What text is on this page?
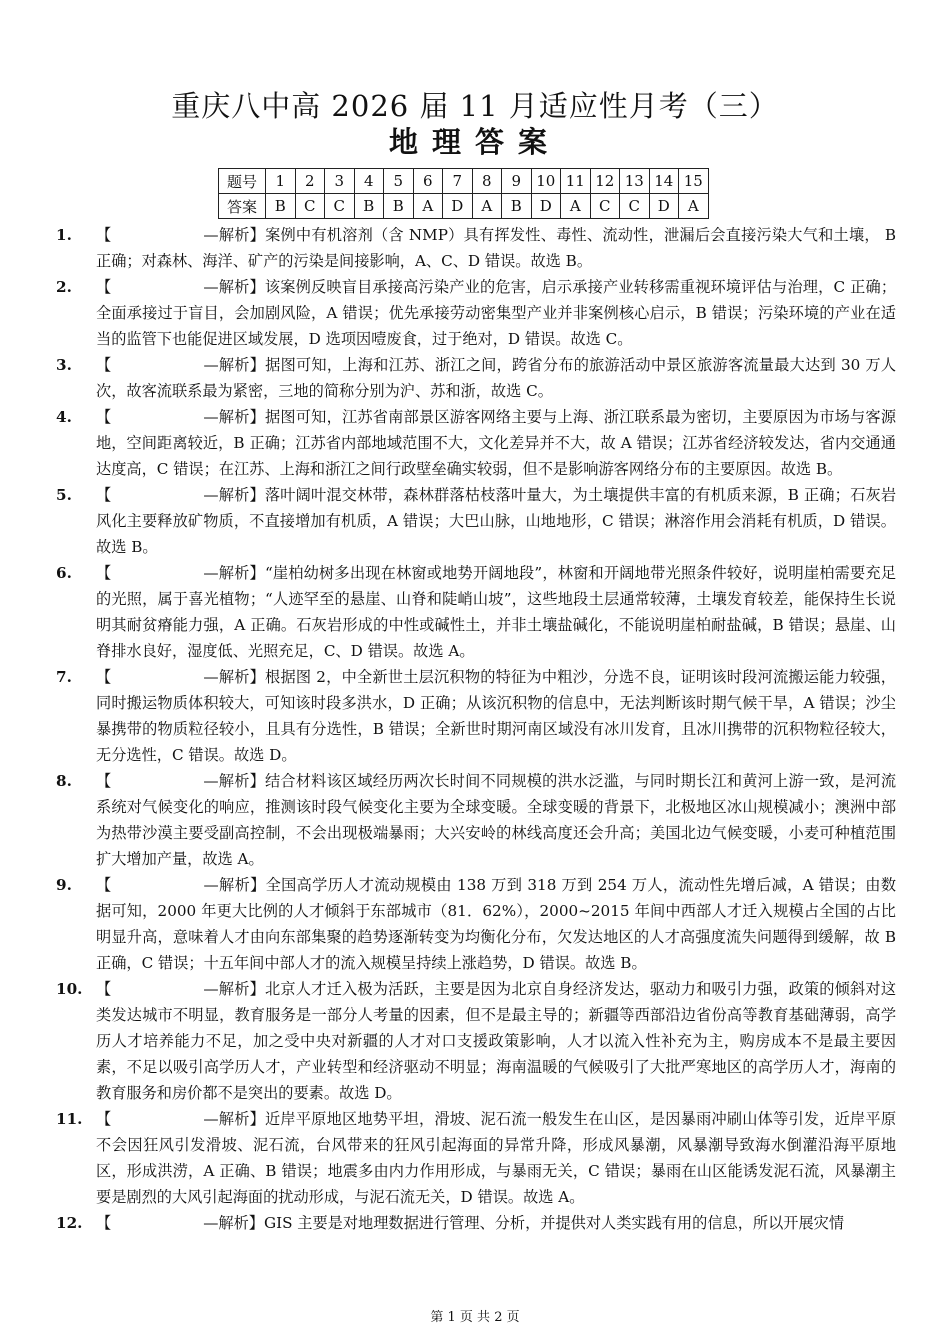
重庆八中高 2026 届 11 月适应性月考（三）
地理答案
题号	1	2	3	4	5	6	7	8	9	10	11	12	13	14	15
答案	B	C	C	B	B	A	D	A	B	D	A	C	C	D	A
1. 【	—解析】案例中有机溶剂（含 NMP）具有挥发性、毒性、流动性，泄漏后会直接污染大气和土壤， B 正确；对森林、海洋、矿产的污染是间接影响，A、C、D 错误。故选 B。
2. 【	—解析】该案例反映盲目承接高污染产业的危害，启示承接产业转移需重视环境评估与治理，C 正确；全面承接过于盲目，会加剧风险，A 错误；优先承接劳动密集型产业并非案例核心启示，B 错误；污染环境的产业在适当的监管下也能促进区域发展，D 选项因噎废食，过于绝对，D 错误。故选 C。
3. 【	—解析】据图可知，上海和江苏、浙江之间，跨省分布的旅游活动中景区旅游客流量最大达到 30 万人次，故客流联系最为紧密，三地的简称分别为沪、苏和浙，故选 C。
4. 【	—解析】据图可知，江苏省南部景区游客网络主要与上海、浙江联系最为密切，主要原因为市场与客源地，空间距离较近，B 正确；江苏省内部地域范围不大，文化差异并不大，故 A 错误；江苏省经济较发达，省内交通通达度高，C 错误；在江苏、上海和浙江之间行政壁垒确实较弱，但不是影响游客网络分布的主要原因。故选 B。
5. 【	—解析】落叶阔叶混交林带，森林群落枯枝落叶量大，为土壤提供丰富的有机质来源，B 正确；石灰岩风化主要释放矿物质，不直接增加有机质，A 错误；大巴山脉，山地地形，C 错误；淋溶作用会消耗有机质，D 错误。故选 B。
6. 【	—解析】“崖柏幼树多出现在林窗或地势开阔地段”，林窗和开阔地带光照条件较好，说明崖柏需要充足的光照，属于喜光植物；“人迹罕至的悬崖、山脊和陡峭山坡”，这些地段土层通常较薄，土壤发育较差，能保持生长说明其耐贫瘠能力强，A 正确。石灰岩形成的中性或碱性土，并非土壤盐碱化，不能说明崖柏耐盐碱，B 错误；悬崖、山脊排水良好，湿度低、光照充足，C、D 错误。故选 A。
7. 【	—解析】根据图 2，中全新世土层沉积物的特征为中粗沙，分选不良，证明该时段河流搬运能力较强，同时搬运物质体积较大，可知该时段多洪水，D 正确；从该沉积物的信息中，无法判断该时期气候干旱，A 错误；沙尘暴携带的物质粒径较小，且具有分选性，B 错误；全新世时期河南区域没有冰川发育，且冰川携带的沉积物粒径较大，无分选性，C 错误。故选 D。
8. 【	—解析】结合材料该区域经历两次长时间不同规模的洪水泛滥，与同时期长江和黄河上游一致，是河流系统对气候变化的响应，推测该时段气候变化主要为全球变暖。全球变暖的背景下，北极地区冰山规模减小；澳洲中部为热带沙漠主要受副高控制，不会出现极端暴雨；大兴安岭的林线高度还会升高；美国北边气候变暖，小麦可种植范围扩大增加产量，故选 A。
9. 【	—解析】全国高学历人才流动规模由 138 万到 318 万到 254 万人，流动性先增后减，A 错误；由数据可知，2000 年更大比例的人才倾斜于东部城市（81．62%），2000~2015 年间中西部人才迁入规模占全国的占比明显升高，意味着人才由向东部集聚的趋势逐渐转变为均衡化分布，欠发达地区的人才高强度流失问题得到缓解，故 B 正确，C 错误；十五年间中部人才的流入规模呈持续上涨趋势，D 错误。故选 B。
10. 【	—解析】北京人才迁入极为活跃，主要是因为北京自身经济发达，驱动力和吸引力强，政策的倾斜对这类发达城市不明显，教育服务是一部分人考量的因素，但不是最主导的；新疆等西部沿边省份高等教育基础薄弱，高学历人才培养能力不足，加之受中央对新疆的人才对口支援政策影响，人才以流入性补充为主，购房成本不是最主要因素，不足以吸引高学历人才，产业转型和经济驱动不明显；海南温暖的气候吸引了大批严寒地区的高学历人才，海南的教育服务和房价都不是突出的要素。故选 D。
11. 【	—解析】近岸平原地区地势平坦，滑坡、泥石流一般发生在山区，是因暴雨冲刷山体等引发，近岸平原不会因狂风引发滑坡、泥石流，台风带来的狂风引起海面的异常升降，形成风暴潮，风暴潮导致海水倒灌沿海平原地区，形成洪涝，A 正确、B 错误；地震多由内力作用形成，与暴雨无关，C 错误；暴雨在山区能诱发泥石流，风暴潮主要是剧烈的大风引起海面的扰动形成，与泥石流无关，D 错误。故选 A。
12. 【	—解析】GIS 主要是对地理数据进行管理、分析，并提供对人类实践有用的信息，所以开展灾情
第 1 页 共 2 页
